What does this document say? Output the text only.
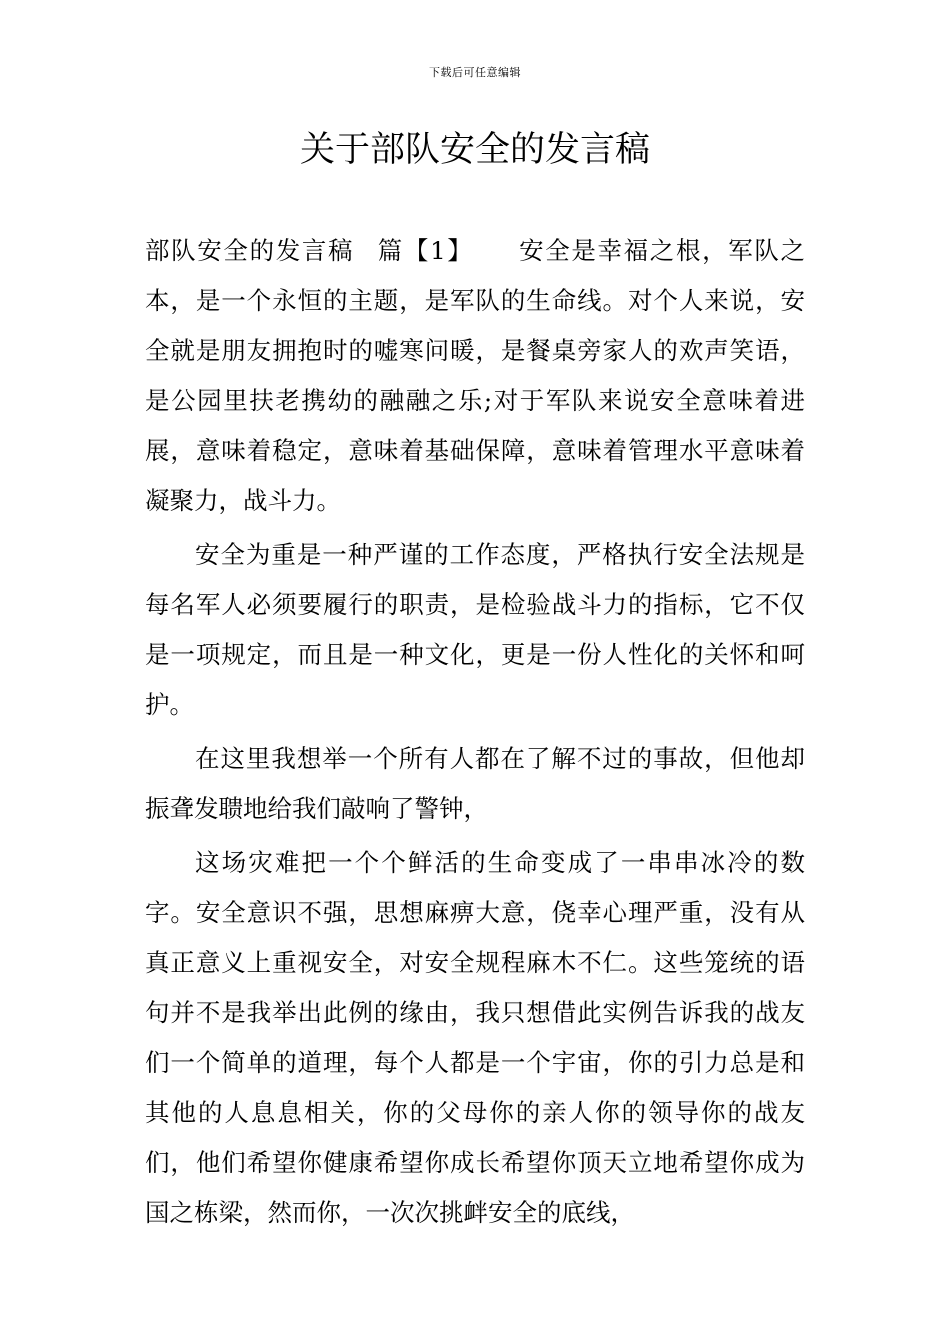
下载后可任意编辑
关于部队安全的发言稿

部队安全的发言稿 篇【1】 安全是幸福之根，军队之本，是一个永恒的主题，是军队的生命线。对个人来说，安全就是朋友拥抱时的嘘寒问暖，是餐桌旁家人的欢声笑语，是公园里扶老携幼的融融之乐;对于军队来说安全意味着进展，意味着稳定，意味着基础保障，意味着管理水平意味着凝聚力，战斗力。

安全为重是一种严谨的工作态度，严格执行安全法规是每名军人必须要履行的职责，是检验战斗力的指标，它不仅是一项规定，而且是一种文化，更是一份人性化的关怀和呵护。

在这里我想举一个所有人都在了解不过的事故，但他却振聋发聩地给我们敲响了警钟，

这场灾难把一个个鲜活的生命变成了一串串冰冷的数字。安全意识不强，思想麻痹大意，侥幸心理严重，没有从真正意义上重视安全，对安全规程麻木不仁。这些笼统的语句并不是我举出此例的缘由，我只想借此实例告诉我的战友们一个简单的道理，每个人都是一个宇宙，你的引力总是和其他的人息息相关，你的父母你的亲人你的领导你的战友们，他们希望你健康希望你成长希望你顶天立地希望你成为国之栋梁，然而你，一次次挑衅安全的底线，
